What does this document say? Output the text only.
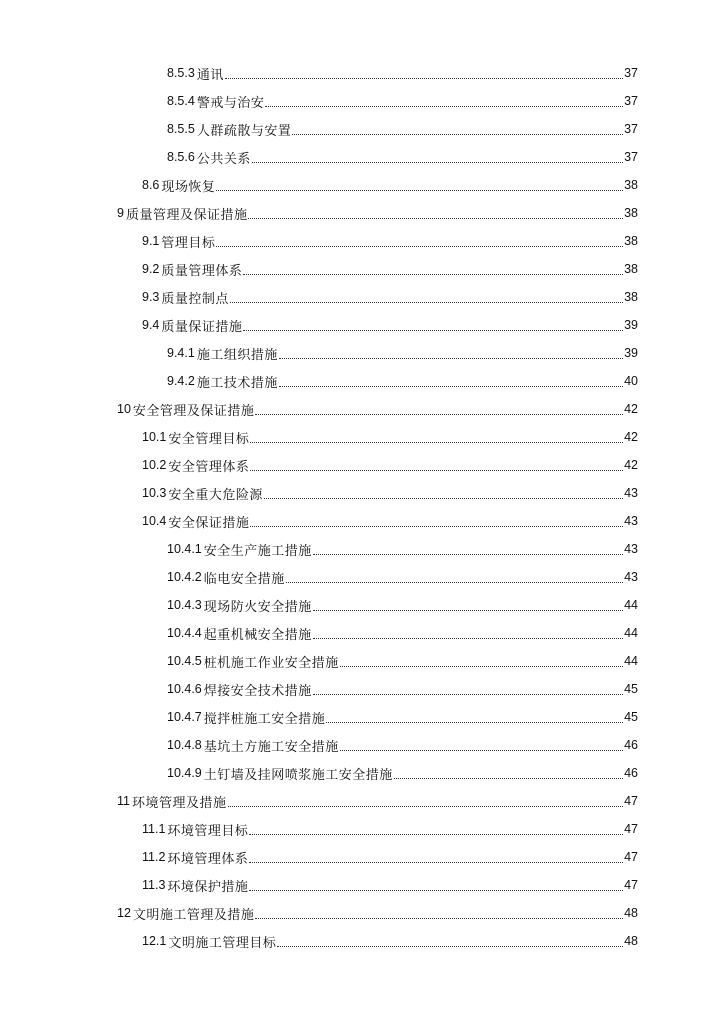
8.5.3 通讯	37
8.5.4 警戒与治安	37
8.5.5 人群疏散与安置	37
8.5.6 公共关系	37
8.6 现场恢复	38
9 质量管理及保证措施	38
9.1 管理目标	38
9.2 质量管理体系	38
9.3 质量控制点	38
9.4 质量保证措施	39
9.4.1 施工组织措施	39
9.4.2 施工技术措施	40
10 安全管理及保证措施	42
10.1 安全管理目标	42
10.2 安全管理体系	42
10.3 安全重大危险源	43
10.4 安全保证措施	43
10.4.1 安全生产施工措施	43
10.4.2 临电安全措施	43
10.4.3 现场防火安全措施	44
10.4.4 起重机械安全措施	44
10.4.5 桩机施工作业安全措施	44
10.4.6 焊接安全技术措施	45
10.4.7 搅拌桩施工安全措施	45
10.4.8 基坑土方施工安全措施	46
10.4.9 土钉墙及挂网喷浆施工安全措施	46
11 环境管理及措施	47
11.1 环境管理目标	47
11.2 环境管理体系	47
11.3 环境保护措施	47
12 文明施工管理及措施	48
12.1 文明施工管理目标	48
